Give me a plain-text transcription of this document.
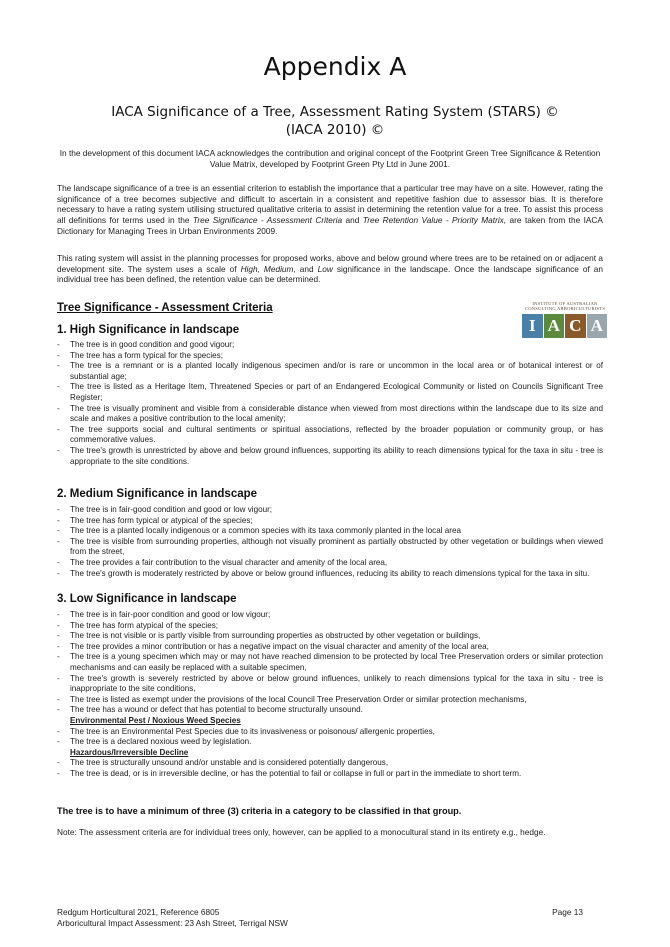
Appendix A
IACA Significance of a Tree, Assessment Rating System (STARS) ©
(IACA 2010) ©

In the development of this document IACA acknowledges the contribution and original concept of the Footprint Green Tree Significance & Retention Value Matrix, developed by Footprint Green Pty Ltd in June 2001.

The landscape significance of a tree is an essential criterion to establish the importance that a particular tree may have on a site. However, rating the significance of a tree becomes subjective and difficult to ascertain in a consistent and repetitive fashion due to assessor bias. It is therefore necessary to have a rating system utilising structured qualitative criteria to assist in determining the retention value for a tree. To assist this process all definitions for terms used in the Tree Significance - Assessment Criteria and Tree Retention Value - Priority Matrix, are taken from the IACA Dictionary for Managing Trees in Urban Environments 2009.

This rating system will assist in the planning processes for proposed works, above and below ground where trees are to be retained on or adjacent a development site. The system uses a scale of High, Medium, and Low significance in the landscape. Once the landscape significance of an individual tree has been defined, the retention value can be determined.

Tree Significance - Assessment Criteria	INSTITUTE OF AUSTRALIAN
CONSULTING ARBORICULTURISTS
I A C A
1. High Significance in landscape
- The tree is in good condition and good vigour;
- The tree has a form typical for the species;
- The tree is a remnant or is a planted locally indigenous specimen and/or is rare or uncommon in the local area or of botanical interest or of substantial age;
- The tree is listed as a Heritage Item, Threatened Species or part of an Endangered Ecological Community or listed on Councils Significant Tree Register;
- The tree is visually prominent and visible from a considerable distance when viewed from most directions within the landscape due to its size and scale and makes a positive contribution to the local amenity;
- The tree supports social and cultural sentiments or spiritual associations, reflected by the broader population or community group, or has commemorative values.
- The tree's growth is unrestricted by above and below ground influences, supporting its ability to reach dimensions typical for the taxa in situ - tree is appropriate to the site conditions.
2. Medium Significance in landscape
- The tree is in fair-good condition and good or low vigour;
- The tree has form typical or atypical of the species;
- The tree is a planted locally indigenous or a common species with its taxa commonly planted in the local area
- The tree is visible from surrounding properties, although not visually prominent as partially obstructed by other vegetation or buildings when viewed from the street,
- The tree provides a fair contribution to the visual character and amenity of the local area,
- The tree's growth is moderately restricted by above or below ground influences, reducing its ability to reach dimensions typical for the taxa in situ.
3. Low Significance in landscape
- The tree is in fair-poor condition and good or low vigour;
- The tree has form atypical of the species;
- The tree is not visible or is partly visible from surrounding properties as obstructed by other vegetation or buildings,
- The tree provides a minor contribution or has a negative impact on the visual character and amenity of the local area,
- The tree is a young specimen which may or may not have reached dimension to be protected by local Tree Preservation orders or similar protection mechanisms and can easily be replaced with a suitable specimen,
- The tree's growth is severely restricted by above or below ground influences, unlikely to reach dimensions typical for the taxa in situ - tree is inappropriate to the site conditions,
- The tree is listed as exempt under the provisions of the local Council Tree Preservation Order or similar protection mechanisms,
- The tree has a wound or defect that has potential to become structurally unsound.
Environmental Pest / Noxious Weed Species
- The tree is an Environmental Pest Species due to its invasiveness or poisonous/ allergenic properties,
- The tree is a declared noxious weed by legislation.
Hazardous/Irreversible Decline
- The tree is structurally unsound and/or unstable and is considered potentially dangerous,
- The tree is dead, or is in irreversible decline, or has the potential to fail or collapse in full or part in the immediate to short term.

The tree is to have a minimum of three (3) criteria in a category to be classified in that group.

Note: The assessment criteria are for individual trees only, however, can be applied to a monocultural stand in its entirety e.g., hedge.

Redgum Horticultural 2021, Reference 6805
Arboricultural Impact Assessment: 23 Ash Street, Terrigal NSW
Page 13
